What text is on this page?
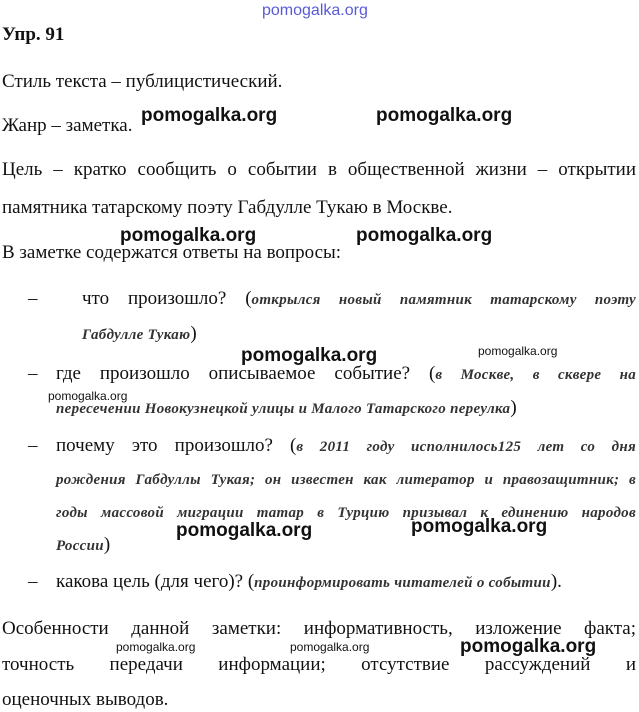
pomogalka.org
pomogalka.org	pomogalka.org
pomogalka.org	pomogalka.org
pomogalka.org	pomogalka.org
pomogalka.org
pomogalka.org	pomogalka.org
pomogalka.org	pomogalka.org	pomogalka.org
Упр. 91
Стиль текста – публицистический.
Жанр – заметка.
Цель – кратко сообщить о событии в общественной жизни – открытии
памятника татарскому поэту Габдулле Тукаю в Москве.
В заметке содержатся ответы на вопросы:
– что произошло? (открылся новый памятник татарскому поэту
Габдулле Тукаю)
– где произошло описываемое событие? (в Москве, в сквере на
пересечении Новокузнецкой улицы и Малого Татарского переулка)
– почему это произошло? (в 2011 году исполнилось125 лет со дня
рождения Габдуллы Тукая; он известен как литератор и правозащитник; в
годы массовой миграции татар в Турцию призывал к единению народов
России)
– какова цель (для чего)? (проинформировать читателей о событии).
Особенности данной заметки: информативность, изложение факта;
точность передачи информации; отсутствие рассуждений и
оценочных выводов.
